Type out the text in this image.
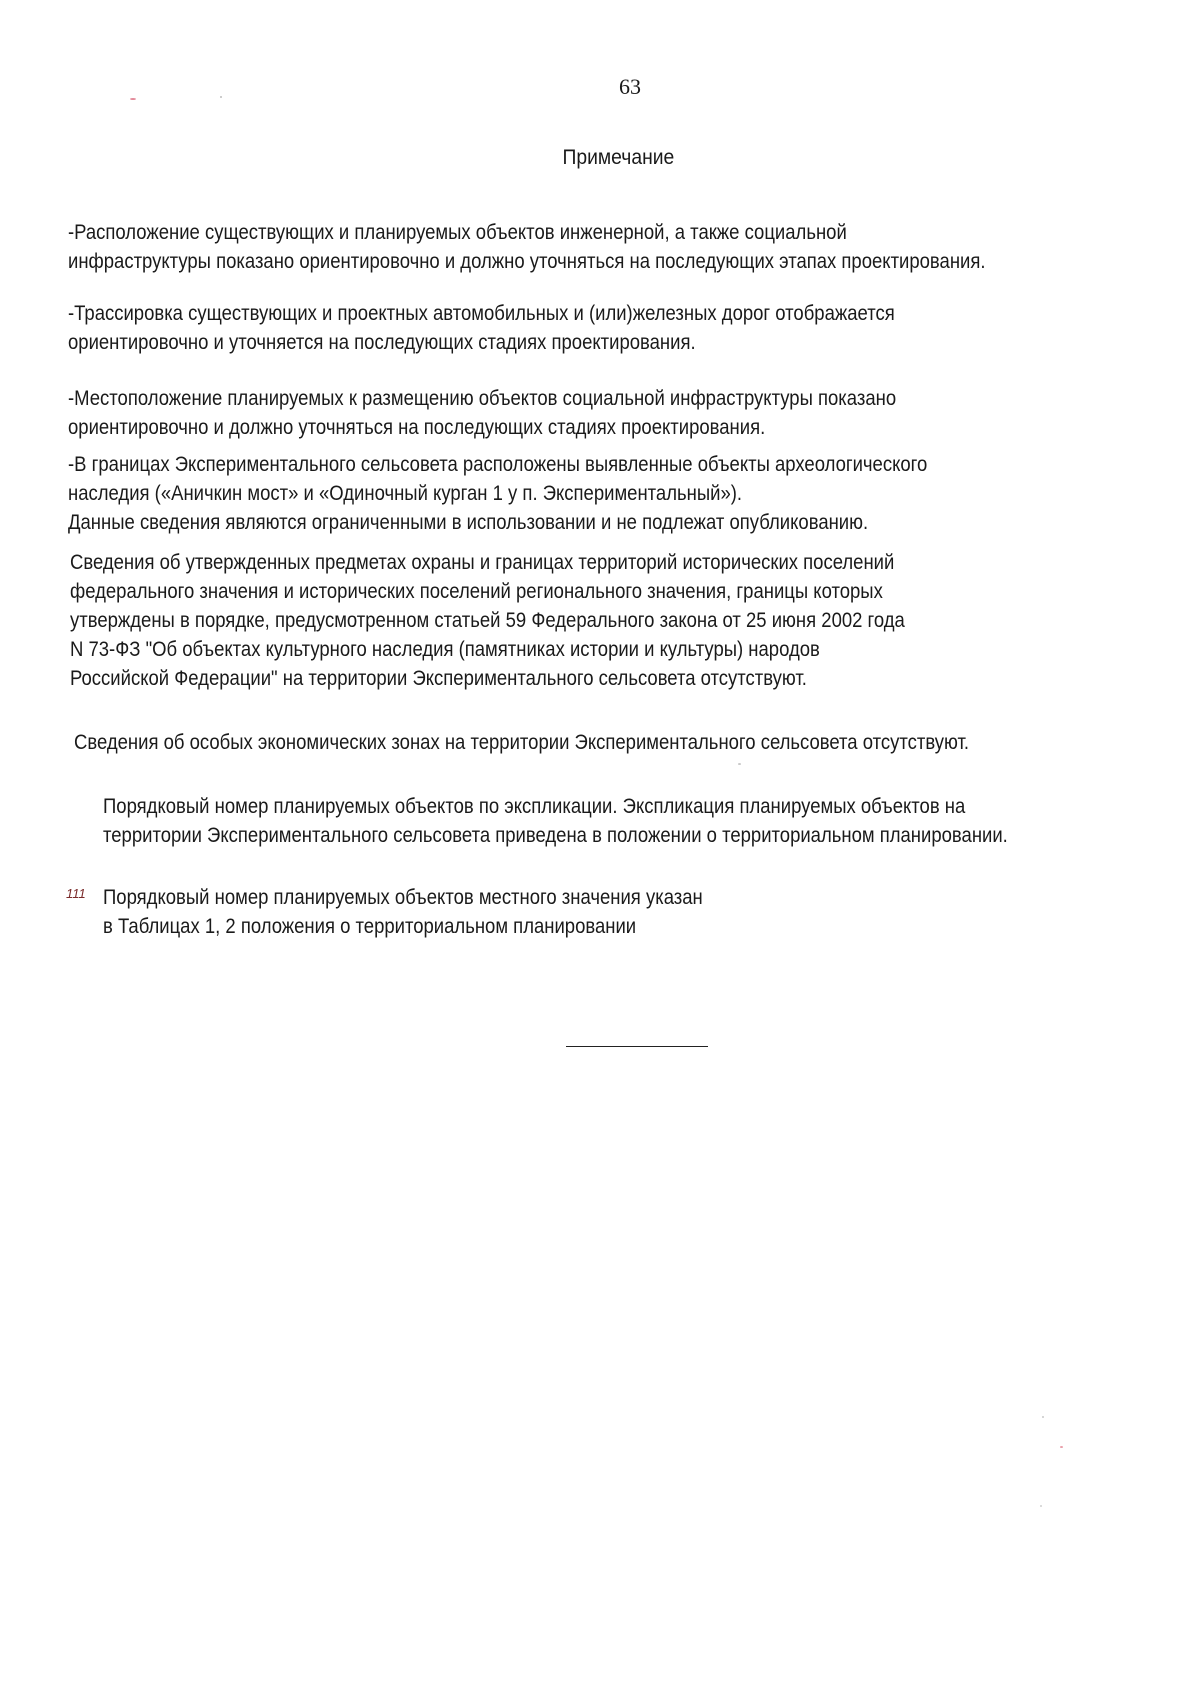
63
Примечание
-Расположение существующих и планируемых объектов инженерной, а также социальной
инфраструктуры показано ориентировочно и должно уточняться на последующих этапах проектирования.
-Трассировка существующих и проектных автомобильных и (или)железных дорог отображается
ориентировочно и уточняется на последующих стадиях проектирования.
-Местоположение планируемых к размещению объектов социальной инфраструктуры показано
ориентировочно и должно уточняться на последующих стадиях проектирования.
-В границах Экспериментального сельсовета расположены выявленные объекты археологического
наследия («Аничкин мост» и «Одиночный курган 1 у п. Экспериментальный»).
Данные сведения являются ограниченными в использовании и не подлежат опубликованию.
Сведения об утвержденных предметах охраны и границах территорий исторических поселений
федерального значения и исторических поселений регионального значения, границы которых
утверждены в порядке, предусмотренном статьей 59 Федерального закона от 25 июня 2002 года
N 73-ФЗ "Об объектах культурного наследия (памятниках истории и культуры) народов
Российской Федерации" на территории Экспериментального сельсовета отсутствуют.
Сведения об особых экономических зонах на территории Экспериментального сельсовета отсутствуют.
Порядковый номер планируемых объектов по экспликации. Экспликация планируемых объектов на
территории Экспериментального сельсовета приведена в положении о территориальном планировании.
111 Порядковый номер планируемых объектов местного значения указан
в Таблицах 1, 2 положения о территориальном планировании
